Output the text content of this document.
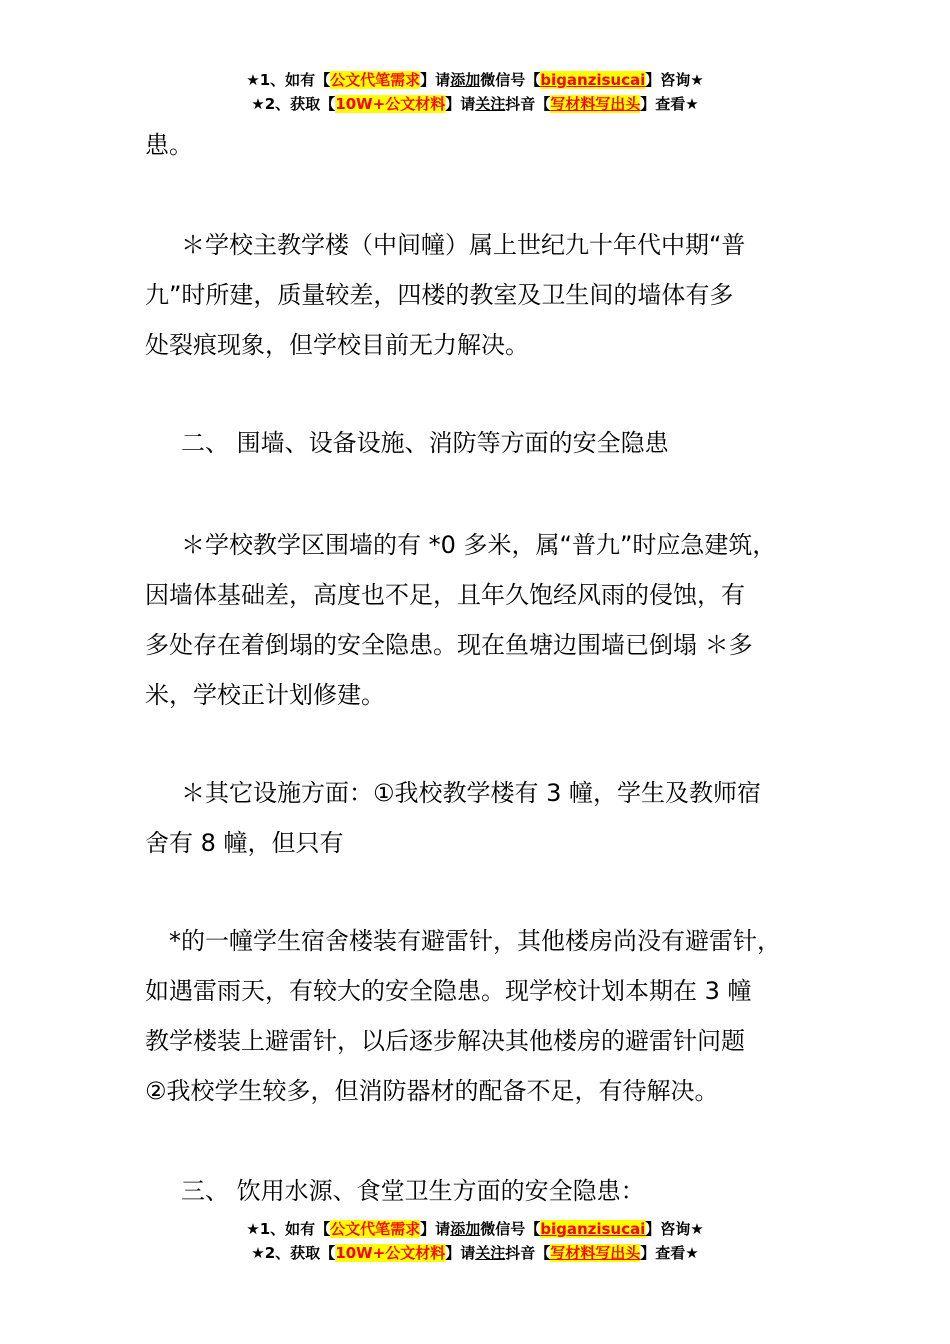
★1、如有【公文代笔需求】请添加微信号【biganzisucai】咨询★
★2、获取【10W+公文材料】请关注抖音【写材料写出头】查看★
患。
＊学校主教学楼（中间幢）属上世纪九十年代中期“普
九”时所建，质量较差，四楼的教室及卫生间的墙体有多
处裂痕现象，但学校目前无力解决。
二、 围墙、设备设施、消防等方面的安全隐患
＊学校教学区围墙的有 *0 多米，属“普九”时应急建筑，
因墙体基础差，高度也不足，且年久饱经风雨的侵蚀，有
多处存在着倒塌的安全隐患。现在鱼塘边围墙已倒塌 ＊多
米，学校正计划修建。
＊其它设施方面：①我校教学楼有 3 幢，学生及教师宿
舍有 8 幢，但只有
*的一幢学生宿舍楼装有避雷针，其他楼房尚没有避雷针，
如遇雷雨天，有较大的安全隐患。现学校计划本期在 3 幢
教学楼装上避雷针，以后逐步解决其他楼房的避雷针问题
②我校学生较多，但消防器材的配备不足，有待解决。
三、 饮用水源、食堂卫生方面的安全隐患：
★1、如有【公文代笔需求】请添加微信号【biganzisucai】咨询★
★2、获取【10W+公文材料】请关注抖音【写材料写出头】查看★
